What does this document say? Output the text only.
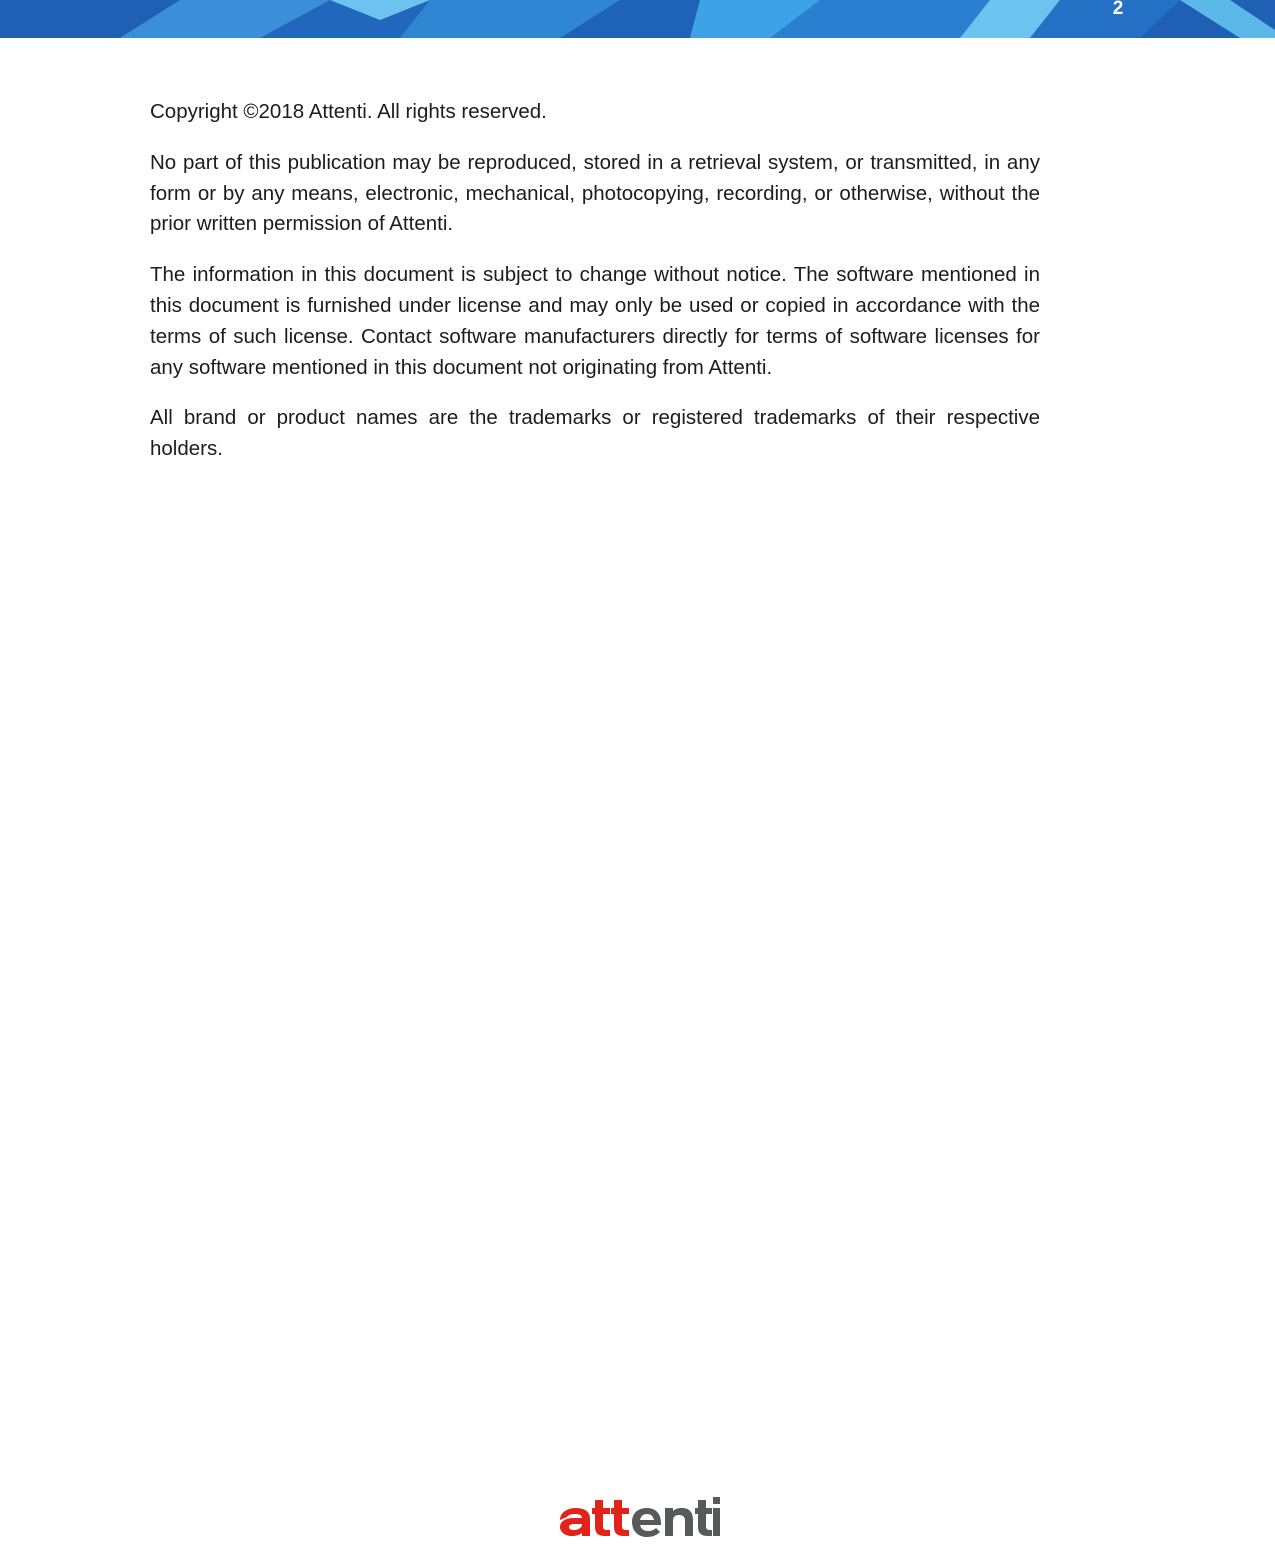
2

Copyright ©2018 Attenti. All rights reserved.

No part of this publication may be reproduced, stored in a retrieval system, or transmitted, in any form or by any means, electronic, mechanical, photocopying, recording, or otherwise, without the prior written permission of Attenti.

The information in this document is subject to change without notice. The software mentioned in this document is furnished under license and may only be used or copied in accordance with the terms of such license. Contact software manufacturers directly for terms of software licenses for any software mentioned in this document not originating from Attenti.

All brand or product names are the trademarks or registered trademarks of their respective holders.
